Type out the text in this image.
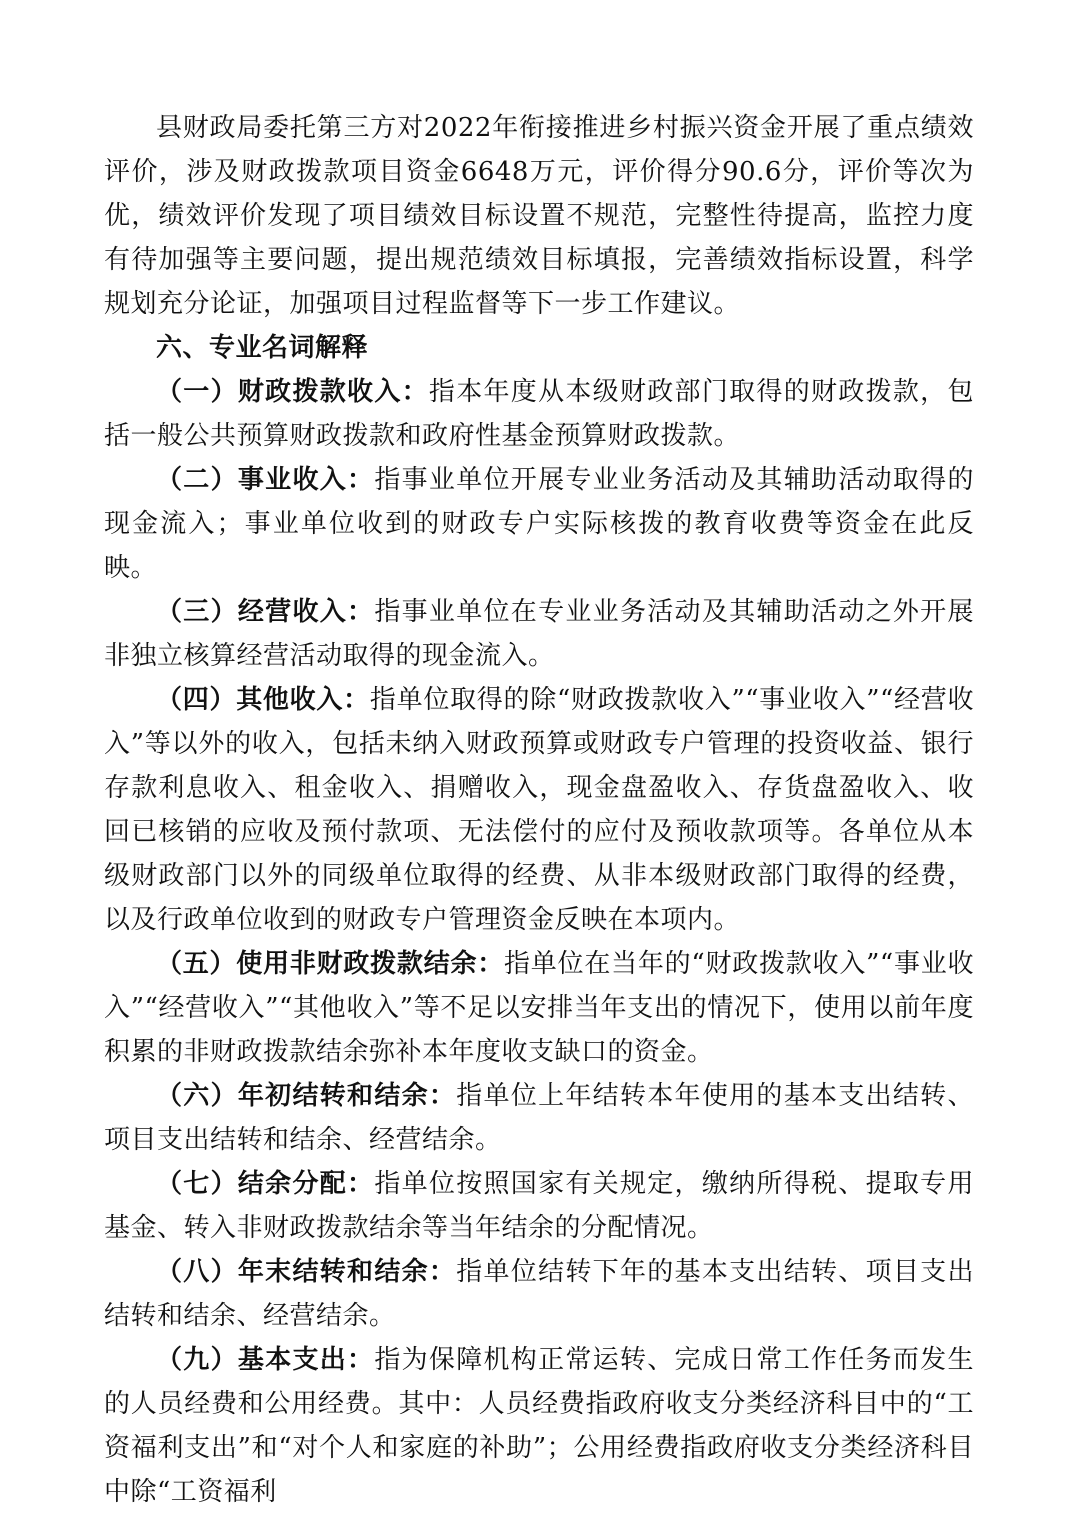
县财政局委托第三方对2022年衔接推进乡村振兴资金开展了重点绩效评价，涉及财政拨款项目资金6648万元，评价得分90.6分，评价等次为优，绩效评价发现了项目绩效目标设置不规范，完整性待提高，监控力度有待加强等主要问题，提出规范绩效目标填报，完善绩效指标设置，科学规划充分论证，加强项目过程监督等下一步工作建议。

六、专业名词解释

（一）财政拨款收入：指本年度从本级财政部门取得的财政拨款，包括一般公共预算财政拨款和政府性基金预算财政拨款。

（二）事业收入：指事业单位开展专业业务活动及其辅助活动取得的现金流入；事业单位收到的财政专户实际核拨的教育收费等资金在此反映。

（三）经营收入：指事业单位在专业业务活动及其辅助活动之外开展非独立核算经营活动取得的现金流入。

（四）其他收入：指单位取得的除“财政拨款收入”“事业收入”“经营收入”等以外的收入，包括未纳入财政预算或财政专户管理的投资收益、银行存款利息收入、租金收入、捐赠收入，现金盘盈收入、存货盘盈收入、收回已核销的应收及预付款项、无法偿付的应付及预收款项等。各单位从本级财政部门以外的同级单位取得的经费、从非本级财政部门取得的经费，以及行政单位收到的财政专户管理资金反映在本项内。

（五）使用非财政拨款结余：指单位在当年的“财政拨款收入”“事业收入”“经营收入”“其他收入”等不足以安排当年支出的情况下，使用以前年度积累的非财政拨款结余弥补本年度收支缺口的资金。

（六）年初结转和结余：指单位上年结转本年使用的基本支出结转、项目支出结转和结余、经营结余。

（七）结余分配：指单位按照国家有关规定，缴纳所得税、提取专用基金、转入非财政拨款结余等当年结余的分配情况。

（八）年末结转和结余：指单位结转下年的基本支出结转、项目支出结转和结余、经营结余。

（九）基本支出：指为保障机构正常运转、完成日常工作任务而发生的人员经费和公用经费。其中：人员经费指政府收支分类经济科目中的“工资福利支出”和“对个人和家庭的补助”；公用经费指政府收支分类经济科目中除“工资福利
